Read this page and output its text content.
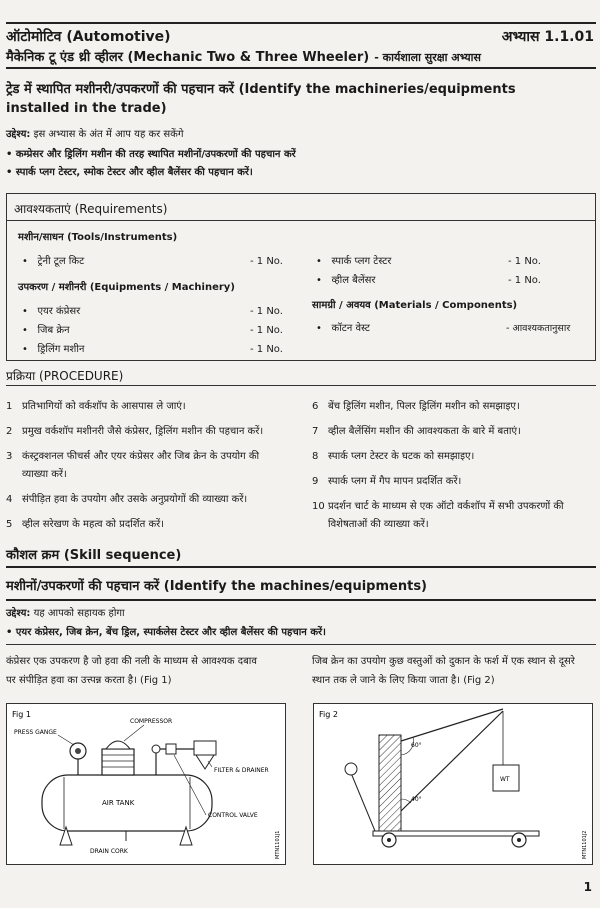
ऑटोमोटिव (Automotive)	अभ्यास 1.1.01
मैकेनिक टू एंड थ्री व्हीलर (Mechanic Two & Three Wheeler) - कार्यशाला सुरक्षा अभ्यास
ट्रेड में स्थापित मशीनरी/उपकरणों की पहचान करें (Identify the machineries/equipments
installed in the trade)
उद्देश्य: इस अभ्यास के अंत में आप यह कर सकेंगे
• कम्प्रेसर और ड्रिलिंग मशीन की तरह स्थापित मशीनों/उपकरणों की पहचान करें
• स्पार्क प्लग टेस्टर, स्मोक टेस्टर और व्हील बैलेंसर की पहचान करें।
आवश्यकताएं (Requirements)
मशीन/साधन (Tools/Instruments)
•   ट्रेनी टूल किट	- 1 No.
उपकरण / मशीनरी (Equipments / Machinery)
•   एयर कंप्रेसर	- 1 No.
•   जिब क्रेन	- 1 No.
•   ड्रिलिंग मशीन	- 1 No.
•   स्पार्क प्लग टेस्टर	- 1 No.
•   व्हील बैलेंसर	- 1 No.
सामग्री / अवयव (Materials / Components)
•   कॉटन वेस्ट	- आवश्यकतानुसार
प्रक्रिया (PROCEDURE)
1 प्रतिभागियों को वर्कशॉप के आसपास ले जाएं।
2 प्रमुख वर्कशॉप मशीनरी जैसे कंप्रेसर, ड्रिलिंग मशीन की पहचान करें।
3 कंस्ट्रक्शनल फीचर्स और एयर कंप्रेसर और जिब क्रेन के उपयोग की
व्याख्या करें।
4 संपीड़ित हवा के उपयोग और उसके अनुप्रयोगों की व्याख्या करें।
5 व्हील सरेखण के महत्व को प्रदर्शित करें।
6 बेंच ड्रिलिंग मशीन, पिलर ड्रिलिंग मशीन को समझाइए।
7 व्हील बैलेंसिंग मशीन की आवश्यकता के बारे में बताएं।
8 स्पार्क प्लग टेस्टर के घटक को समझाइए।
9 स्पार्क प्लग में गैप मापन प्रदर्शित करें।
10 प्रदर्शन चार्ट के माध्यम से एक ऑटो वर्कशॉप में सभी उपकरणों की
विशेषताओं की व्याख्या करें।
कौशल क्रम (Skill sequence)
मशीनों/उपकरणों की पहचान करें (Identify the machines/equipments)
उद्देश्य: यह आपको सहायक होगा
• एयर कंप्रेसर, जिब क्रेन, बेंच ड्रिल, स्पार्कलेस टेस्टर और व्हील बैलेंसर की पहचान करें।
कंप्रेसर एक उपकरण है जो हवा की नली के माध्यम से आवश्यक दबाव
पर संपीड़ित हवा का उत्त्पन्न करता है। (Fig 1)
जिब क्रेन का उपयोग कुछ वस्तुओं को दुकान के फर्श में एक स्थान से दूसरे
स्थान तक ले जाने के लिए किया जाता है। (Fig 2)
Fig 1
AIR TANK
PRESS GANGE
COMPRESSOR
FILTER & DRAINER
CONTROL VALVE
DRAIN CORK	MTN1101J1
Fig 2
WT
60°
40°
MTN1101J2
1
